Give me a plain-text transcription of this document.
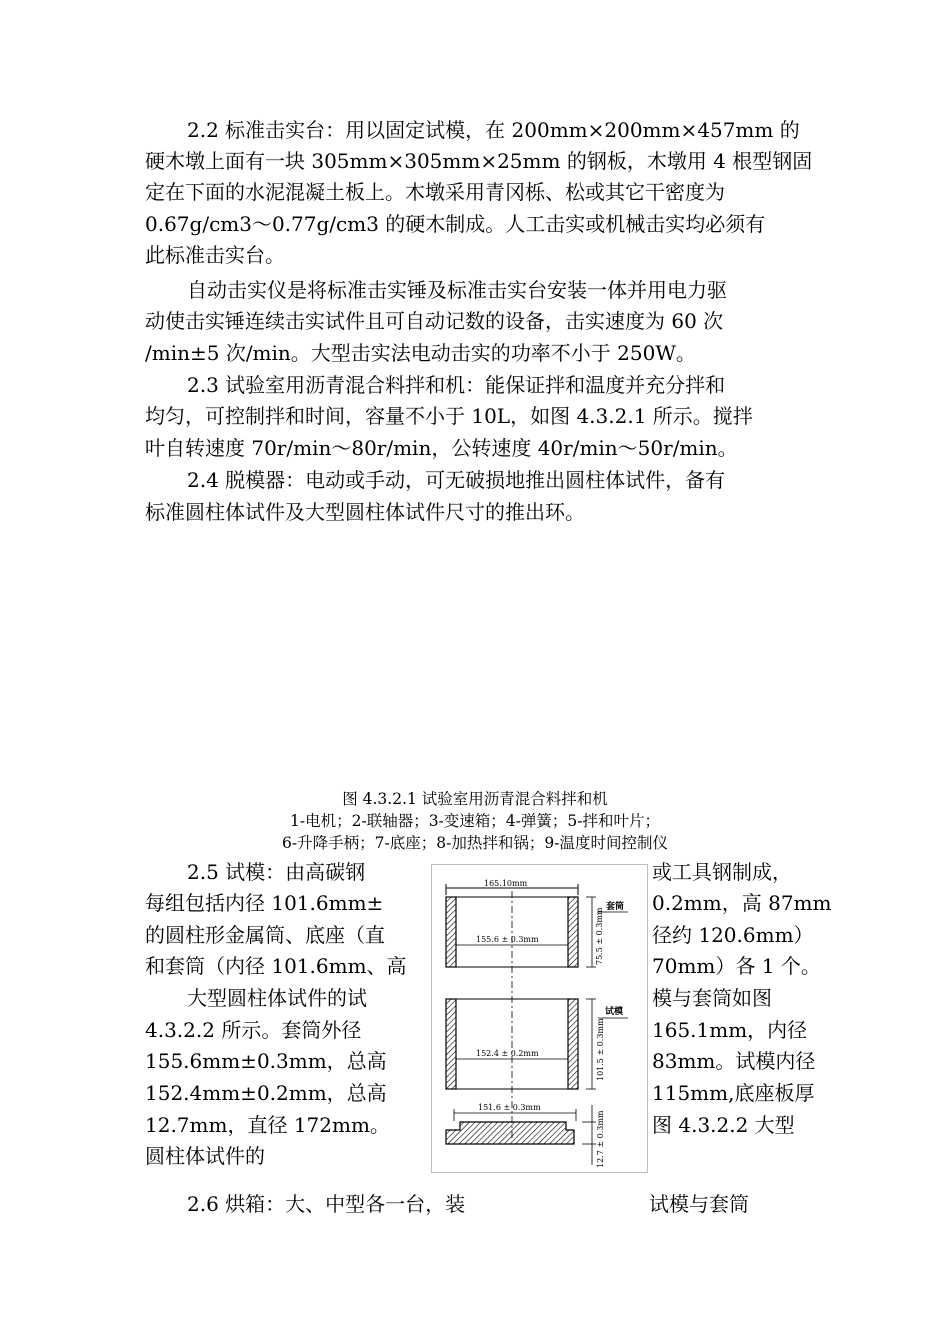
2.2 标准击实台：用以固定试模，在 200mm×200mm×457mm 的
硬木墩上面有一块 305mm×305mm×25mm 的钢板，木墩用 4 根型钢固
定在下面的水泥混凝土板上。木墩采用青冈栎、松或其它干密度为
0.67g/cm3～0.77g/cm3 的硬木制成。人工击实或机械击实均必须有
此标准击实台。
自动击实仪是将标准击实锤及标准击实台安装一体并用电力驱
动使击实锤连续击实试件且可自动记数的设备，击实速度为 60 次
/min±5 次/min。大型击实法电动击实的功率不小于 250W。
2.3 试验室用沥青混合料拌和机：能保证拌和温度并充分拌和
均匀，可控制拌和时间，容量不小于 10L，如图 4.3.2.1 所示。搅拌
叶自转速度 70r/min～80r/min，公转速度 40r/min～50r/min。
2.4 脱模器：电动或手动，可无破损地推出圆柱体试件，备有
标准圆柱体试件及大型圆柱体试件尺寸的推出环。
图 4.3.2.1 试验室用沥青混合料拌和机
1-电机；2-联轴器；3-变速箱；4-弹簧；5-拌和叶片；
6-升降手柄；7-底座；8-加热拌和锅；9-温度时间控制仪
2.5 试模：由高碳钢
每组包括内径 101.6mm±
的圆柱形金属筒、底座（直
和套筒（内径 101.6mm、高
大型圆柱体试件的试
4.3.2.2 所示。套筒外径
155.6mm±0.3mm，总高
152.4mm±0.2mm，总高
12.7mm，直径 172mm。
圆柱体试件的
或工具钢制成，
0.2mm，高 87mm
径约 120.6mm）
70mm）各 1 个。
模与套筒如图
165.1mm，内径
83mm。试模内径
115mm,底座板厚
图 4.3.2.2 大型
2.6 烘箱：大、中型各一台，装	试模与套筒
165.10mm
155.6 ± 0.3mm
套筒
75.5 ± 0.3mm
152.4 ± 0.2mm
试模
101.5 ± 0.3mm
151.6 ± 0.3mm
12.7 ± 0.3mm
